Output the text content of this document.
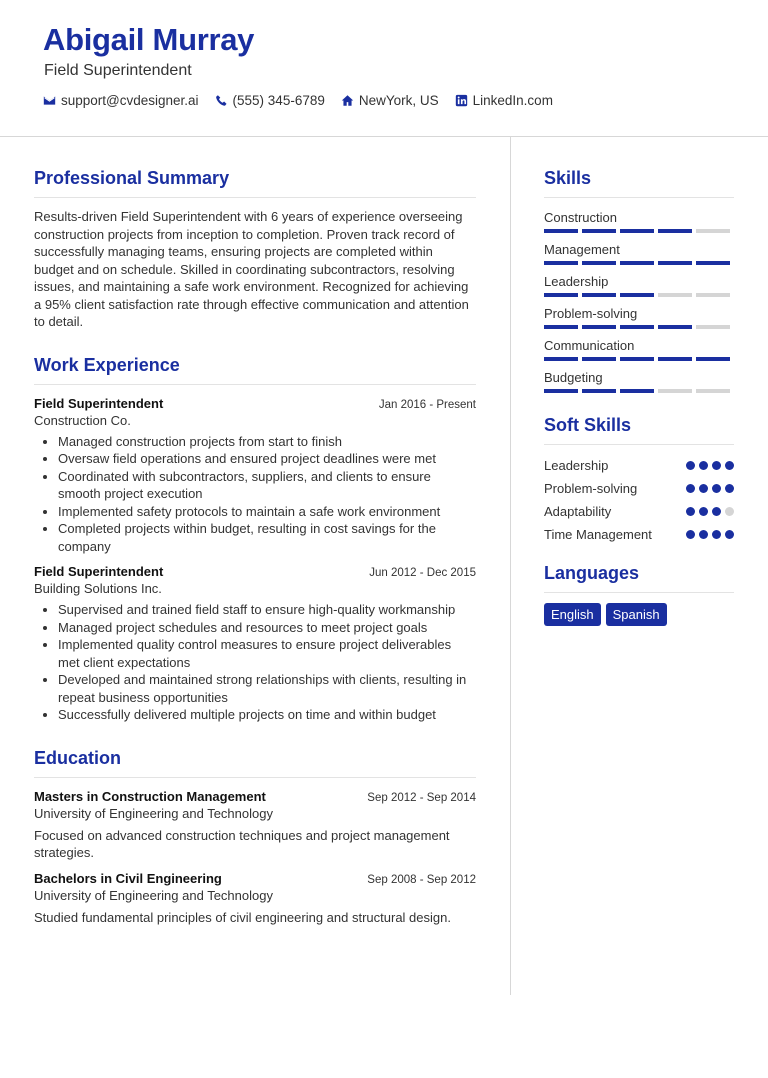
Abigail Murray
Field Superintendent
support@cvdesigner.ai	(555) 345-6789	NewYork, US	LinkedIn.com
Professional Summary
Results-driven Field Superintendent with 6 years of experience overseeing construction projects from inception to completion. Proven track record of successfully managing teams, ensuring projects are completed within budget and on schedule. Skilled in coordinating subcontractors, resolving issues, and maintaining a safe work environment. Recognized for achieving a 95% client satisfaction rate through effective communication and attention to detail.
Work Experience
Field Superintendent	Jan 2016 - Present
Construction Co.
• Managed construction projects from start to finish
• Oversaw field operations and ensured project deadlines were met
• Coordinated with subcontractors, suppliers, and clients to ensure smooth project execution
• Implemented safety protocols to maintain a safe work environment
• Completed projects within budget, resulting in cost savings for the company
Field Superintendent	Jun 2012 - Dec 2015
Building Solutions Inc.
• Supervised and trained field staff to ensure high-quality workmanship
• Managed project schedules and resources to meet project goals
• Implemented quality control measures to ensure project deliverables met client expectations
• Developed and maintained strong relationships with clients, resulting in repeat business opportunities
• Successfully delivered multiple projects on time and within budget
Education
Masters in Construction Management	Sep 2012 - Sep 2014
University of Engineering and Technology
Focused on advanced construction techniques and project management strategies.
Bachelors in Civil Engineering	Sep 2008 - Sep 2012
University of Engineering and Technology
Studied fundamental principles of civil engineering and structural design.
Skills
Construction
Management
Leadership
Problem-solving
Communication
Budgeting
Soft Skills
Leadership
Problem-solving
Adaptability
Time Management
Languages
English	Spanish
